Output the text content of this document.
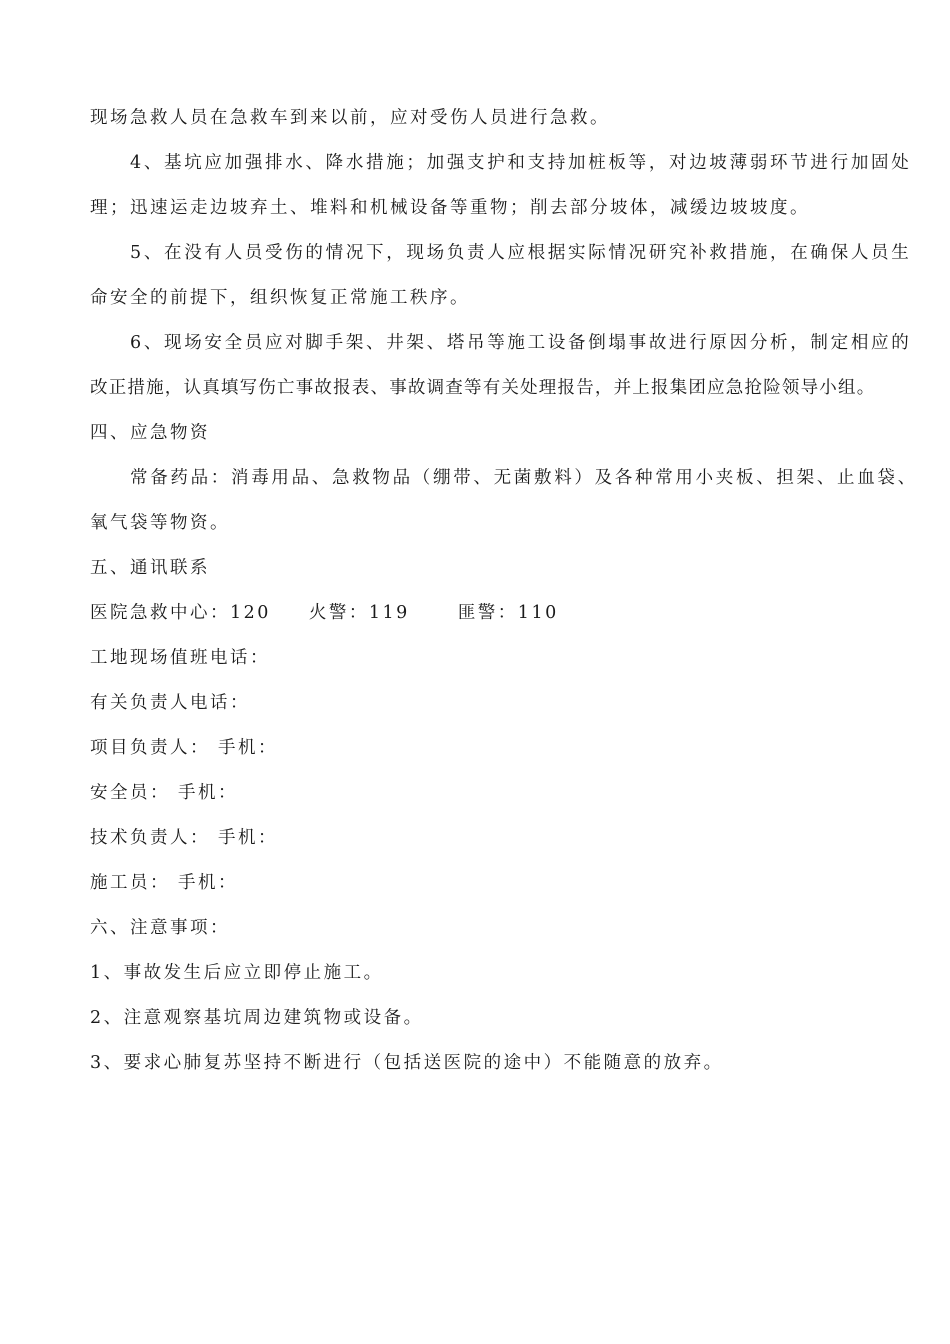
现场急救人员在急救车到来以前，应对受伤人员进行急救。
4、基坑应加强排水、降水措施；加强支护和支持加桩板等，对边坡薄弱环节进行加固处
理；迅速运走边坡弃土、堆料和机械设备等重物；削去部分坡体，减缓边坡坡度。
5、在没有人员受伤的情况下，现场负责人应根据实际情况研究补救措施，在确保人员生
命安全的前提下，组织恢复正常施工秩序。
6、现场安全员应对脚手架、井架、塔吊等施工设备倒塌事故进行原因分析，制定相应的
改正措施，认真填写伤亡事故报表、事故调查等有关处理报告，并上报集团应急抢险领导小组。
四、应急物资
常备药品：消毒用品、急救物品（绷带、无菌敷料）及各种常用小夹板、担架、止血袋、
氧气袋等物资。
五、通讯联系
医院急救中心：120 火警：119	匪警：110
工地现场值班电话：
有关负责人电话：
项目负责人： 手机：
安全员： 手机：
技术负责人： 手机：
施工员： 手机：
六、注意事项：
1、事故发生后应立即停止施工。
2、注意观察基坑周边建筑物或设备。
3、要求心肺复苏坚持不断进行（包括送医院的途中）不能随意的放弃。
